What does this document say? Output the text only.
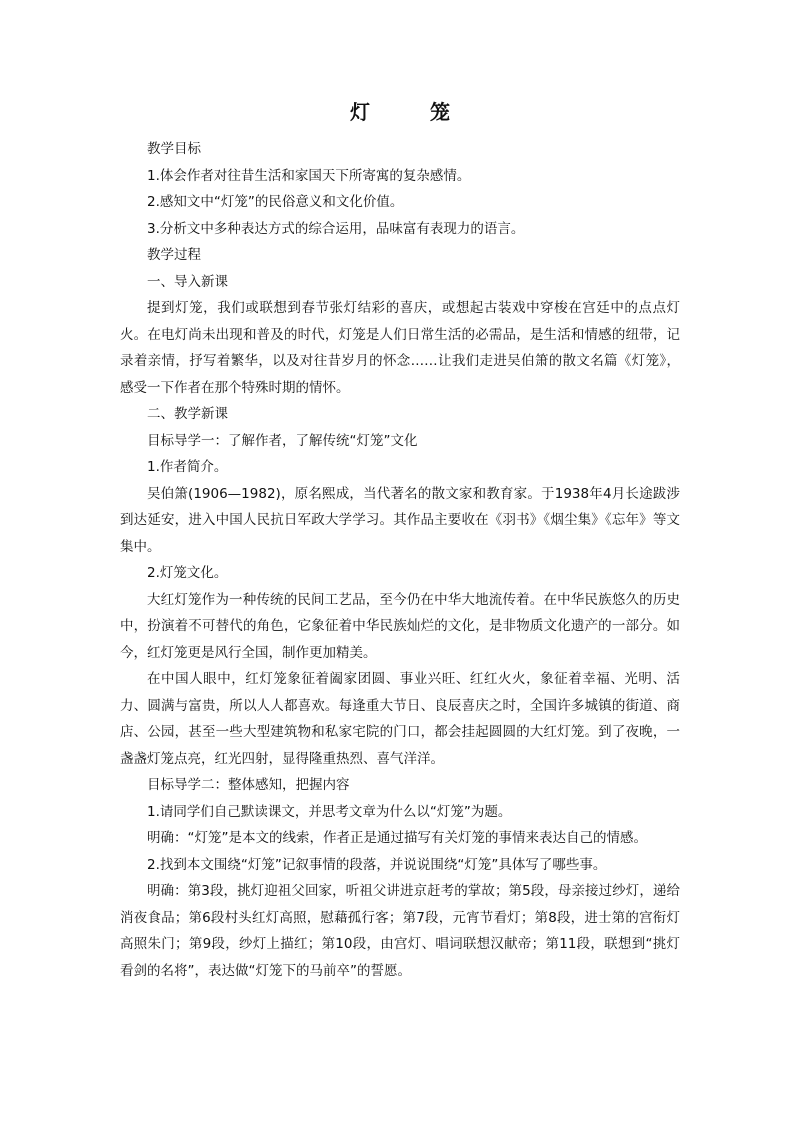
灯　笼

教学目标

1.体会作者对往昔生活和家国天下所寄寓的复杂感情。

2.感知文中“灯笼”的民俗意义和文化价值。

3.分析文中多种表达方式的综合运用，品味富有表现力的语言。

教学过程

一、导入新课

提到灯笼，我们或联想到春节张灯结彩的喜庆，或想起古装戏中穿梭在宫廷中的点点灯火。在电灯尚未出现和普及的时代，灯笼是人们日常生活的必需品，是生活和情感的纽带，记录着亲情，抒写着繁华，以及对往昔岁月的怀念……让我们走进吴伯箫的散文名篇《灯笼》，感受一下作者在那个特殊时期的情怀。

二、教学新课

目标导学一：了解作者，了解传统“灯笼”文化

1.作者简介。

吴伯箫(1906—1982)，原名熙成，当代著名的散文家和教育家。于1938年4月长途跋涉到达延安，进入中国人民抗日军政大学学习。其作品主要收在《羽书》《烟尘集》《忘年》等文集中。

2.灯笼文化。

大红灯笼作为一种传统的民间工艺品，至今仍在中华大地流传着。在中华民族悠久的历史中，扮演着不可替代的角色，它象征着中华民族灿烂的文化，是非物质文化遗产的一部分。如今，红灯笼更是风行全国，制作更加精美。

在中国人眼中，红灯笼象征着阖家团圆、事业兴旺、红红火火，象征着幸福、光明、活力、圆满与富贵，所以人人都喜欢。每逢重大节日、良辰喜庆之时，全国许多城镇的街道、商店、公园，甚至一些大型建筑物和私家宅院的门口，都会挂起圆圆的大红灯笼。到了夜晚，一盏盏灯笼点亮，红光四射，显得隆重热烈、喜气洋洋。

目标导学二：整体感知，把握内容

1.请同学们自己默读课文，并思考文章为什么以“灯笼”为题。

明确：“灯笼”是本文的线索，作者正是通过描写有关灯笼的事情来表达自己的情感。

2.找到本文围绕“灯笼”记叙事情的段落，并说说围绕“灯笼”具体写了哪些事。

明确：第3段，挑灯迎祖父回家，听祖父讲进京赶考的掌故；第5段，母亲接过纱灯，递给消夜食品；第6段村头红灯高照，慰藉孤行客；第7段，元宵节看灯；第8段，进士第的宫衔灯高照朱门；第9段，纱灯上描红；第10段，由宫灯、唱词联想汉献帝；第11段，联想到“挑灯看剑的名将”，表达做“灯笼下的马前卒”的誓愿。
